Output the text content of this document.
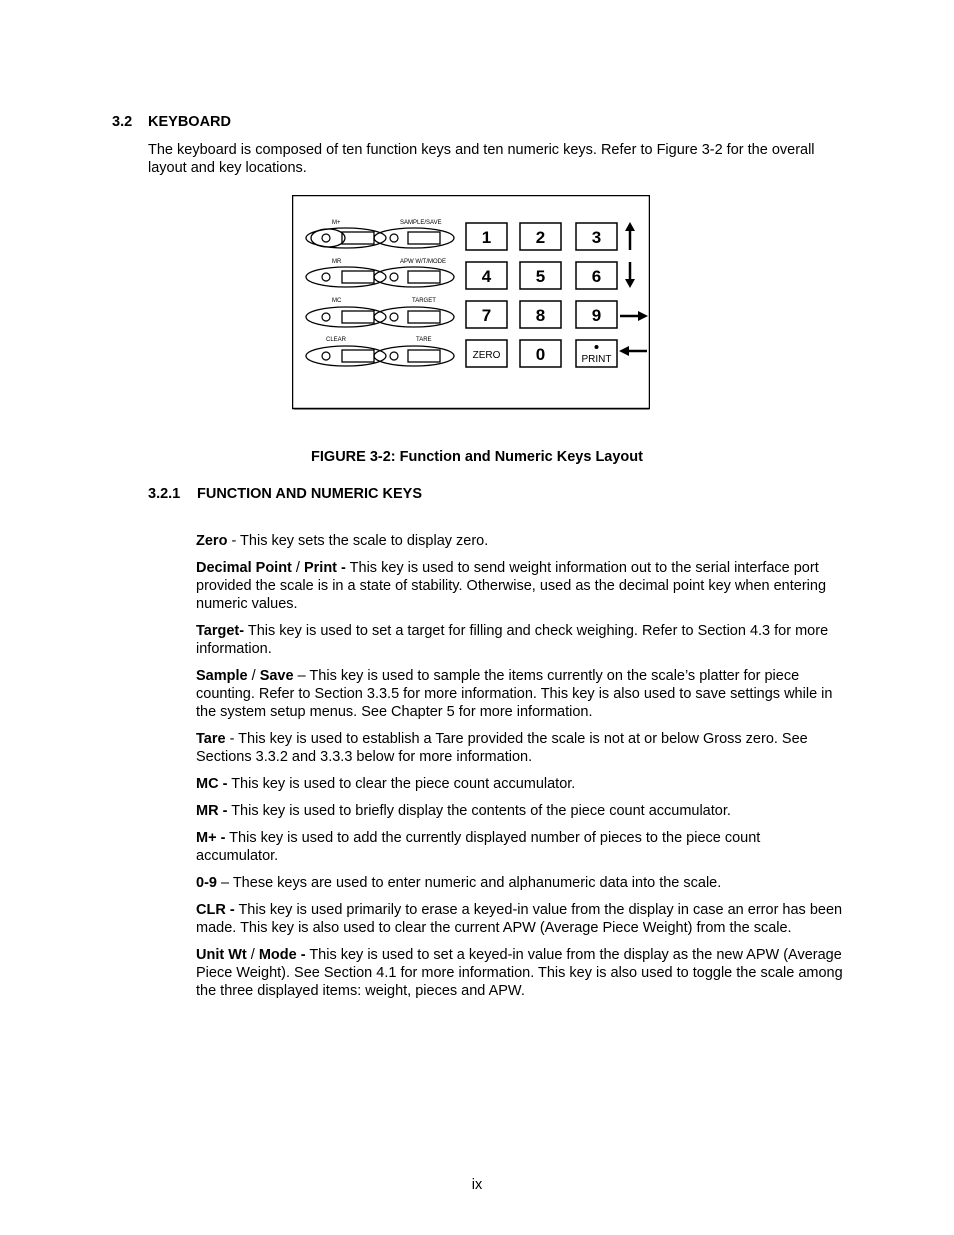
3.2 KEYBOARD
The keyboard is composed of ten function keys and ten numeric keys. Refer to Figure 3-2 for the overall layout and key locations.
M+	SAMPLE/SAVE
MR	APW W/T/MODE
MC	TARGET
CLEAR	TARE
1	2	3
4	5	6
7	8	9
ZERO 0	PRINT
FIGURE 3-2: Function and Numeric Keys Layout
3.2.1 FUNCTION AND NUMERIC KEYS

Zero - This key sets the scale to display zero.

Decimal Point / Print - This key is used to send weight information out to the serial interface port provided the scale is in a state of stability. Otherwise, used as the decimal point key when entering numeric values.

Target- This key is used to set a target for filling and check weighing. Refer to Section 4.3 for more information.

Sample / Save – This key is used to sample the items currently on the scale’s platter for piece counting. Refer to Section 3.3.5 for more information. This key is also used to save settings while in the system setup menus. See Chapter 5 for more information.

Tare - This key is used to establish a Tare provided the scale is not at or below Gross zero. See Sections 3.3.2 and 3.3.3 below for more information.

MC - This key is used to clear the piece count accumulator.

MR - This key is used to briefly display the contents of the piece count accumulator.

M+ - This key is used to add the currently displayed number of pieces to the piece count accumulator.

0-9 – These keys are used to enter numeric and alphanumeric data into the scale.

CLR - This key is used primarily to erase a keyed-in value from the display in case an error has been made. This key is also used to clear the current APW (Average Piece Weight) from the scale.

Unit Wt / Mode - This key is used to set a keyed-in value from the display as the new APW (Average Piece Weight). See Section 4.1 for more information. This key is also used to toggle the scale among the three displayed items: weight, pieces and APW.

ix
